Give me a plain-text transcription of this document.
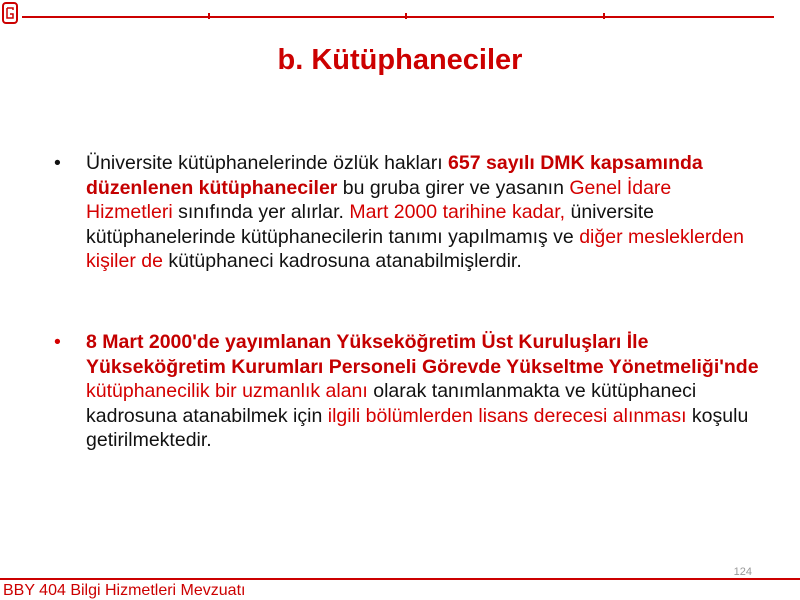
b. Kütüphaneciler
• Üniversite kütüphanelerinde özlük hakları 657 sayılı DMK kapsamında düzenlenen kütüphaneciler bu gruba girer ve yasanın Genel İdare Hizmetleri sınıfında yer alırlar. Mart 2000 tarihine kadar, üniversite kütüphanelerinde kütüphanecilerin tanımı yapılmamış ve diğer mesleklerden kişiler de kütüphaneci kadrosuna atanabilmişlerdir.
• 8 Mart 2000'de yayımlanan Yükseköğretim Üst Kuruluşları İle Yükseköğretim Kurumları Personeli Görevde Yükseltme Yönetmeliği'nde kütüphanecilik bir uzmanlık alanı olarak tanımlanmakta ve kütüphaneci kadrosuna atanabilmek için ilgili bölümlerden lisans derecesi alınması koşulu getirilmektedir.
124
BBY 404 Bilgi Hizmetleri Mevzuatı
